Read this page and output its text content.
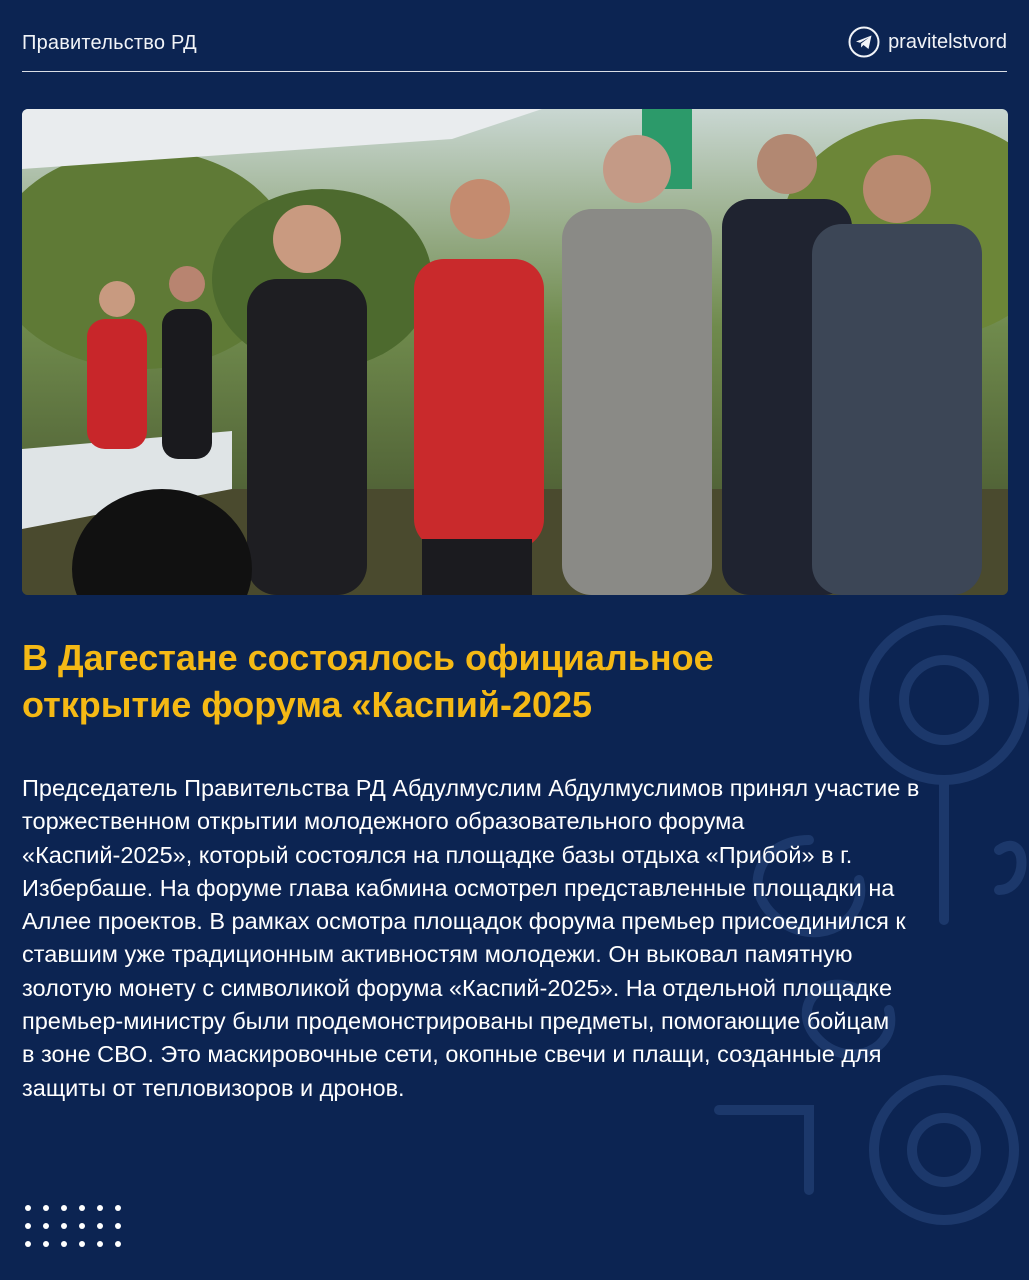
Правительство РД	pravitelstvord
В Дагестане состоялось официальное
открытие форума «Каспий-2025
Председатель Правительства РД Абдулмуслим Абдулмуслимов принял участие в
торжественном открытии молодежного образовательного форума
«Каспий-2025», который состоялся на площадке базы отдыха «Прибой» в г.
Избербаше. На форуме глава кабмина осмотрел представленные площадки на
Аллее проектов. В рамках осмотра площадок форума премьер присоединился к
ставшим уже традиционным активностям молодежи. Он выковал памятную
золотую монету с символикой форума «Каспий-2025». На отдельной площадке
премьер-министру были продемонстрированы предметы, помогающие бойцам
в зоне СВО. Это маскировочные сети, окопные свечи и плащи, созданные для
защиты от тепловизоров и дронов.
